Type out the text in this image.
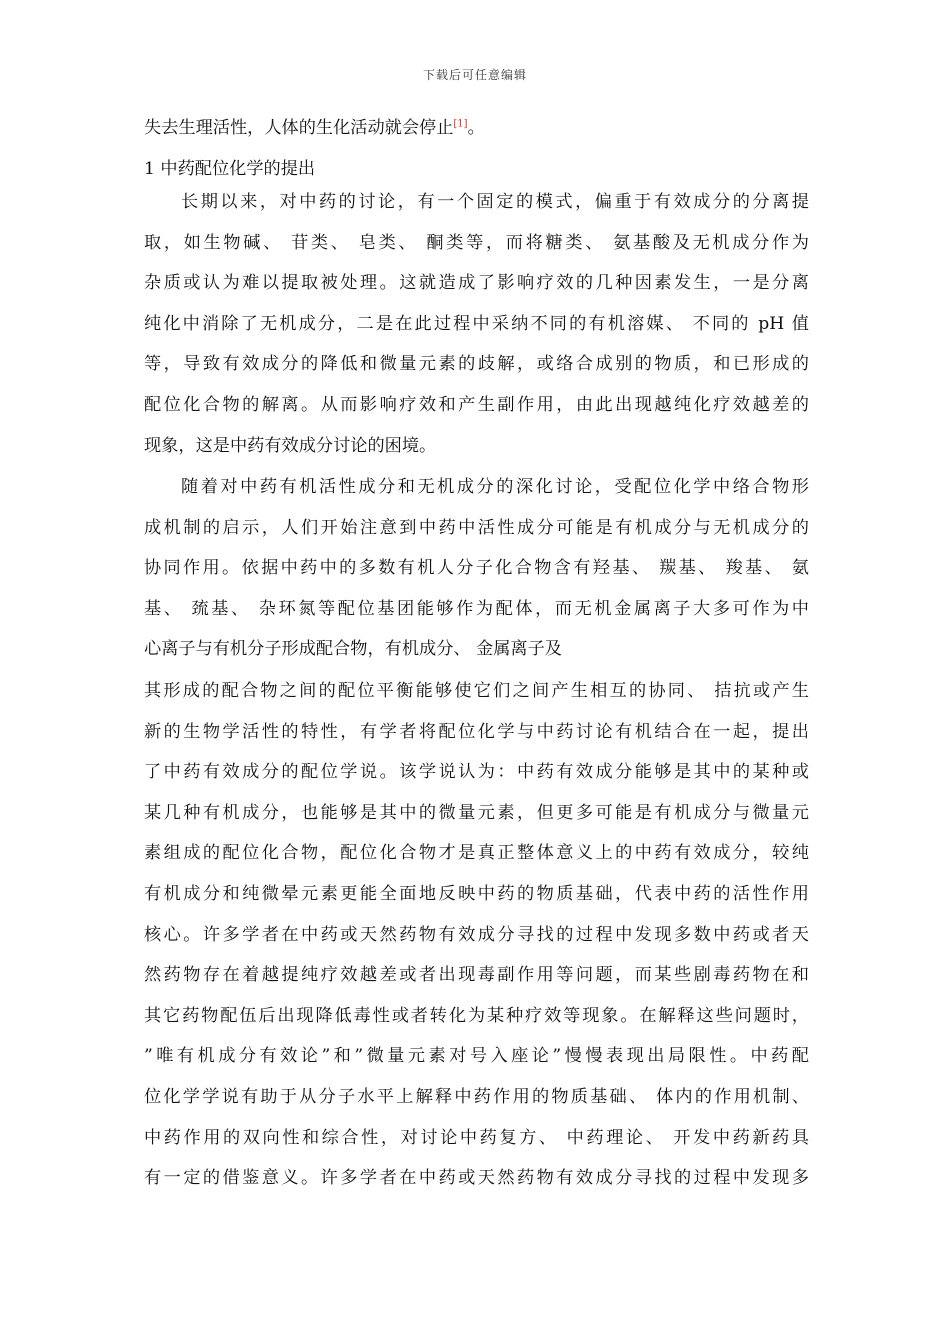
下载后可任意编辑
失去生理活性，人体的生化活动就会停止[1]。
1 中药配位化学的提出
长期以来，对中药的讨论，有一个固定的模式，偏重于有效成分的分离提
取，如生物碱、 苷类、 皂类、 酮类等，而将糖类、 氨基酸及无机成分作为
杂质或认为难以提取被处理。这就造成了影响疗效的几种因素发生，一是分离
纯化中消除了无机成分，二是在此过程中采纳不同的有机溶媒、 不同的 pH 值
等，导致有效成分的降低和微量元素的歧解，或络合成别的物质，和已形成的
配位化合物的解离。从而影响疗效和产生副作用，由此出现越纯化疗效越差的
现象，这是中药有效成分讨论的困境。
随着对中药有机活性成分和无机成分的深化讨论，受配位化学中络合物形
成机制的启示，人们开始注意到中药中活性成分可能是有机成分与无机成分的
协同作用。依据中药中的多数有机人分子化合物含有羟基、 羰基、 羧基、 氨
基、 巯基、 杂环氮等配位基团能够作为配体，而无机金属离子大多可作为中
心离子与有机分子形成配合物，有机成分、 金属离子及
其形成的配合物之间的配位平衡能够使它们之间产生相互的协同、 拮抗或产生
新的生物学活性的特性，有学者将配位化学与中药讨论有机结合在一起，提出
了中药有效成分的配位学说。该学说认为：中药有效成分能够是其中的某种或
某几种有机成分，也能够是其中的微量元素，但更多可能是有机成分与微量元
素组成的配位化合物，配位化合物才是真正整体意义上的中药有效成分，较纯
有机成分和纯微晕元素更能全面地反映中药的物质基础，代表中药的活性作用
核心。许多学者在中药或天然药物有效成分寻找的过程中发现多数中药或者天
然药物存在着越提纯疗效越差或者出现毒副作用等问题，而某些剧毒药物在和
其它药物配伍后出现降低毒性或者转化为某种疗效等现象。在解释这些问题时，
”唯有机成分有效论”和”微量元素对号入座论”慢慢表现出局限性。中药配
位化学学说有助于从分子水平上解释中药作用的物质基础、 体内的作用机制、
中药作用的双向性和综合性，对讨论中药复方、 中药理论、 开发中药新药具
有一定的借鉴意义。许多学者在中药或天然药物有效成分寻找的过程中发现多
